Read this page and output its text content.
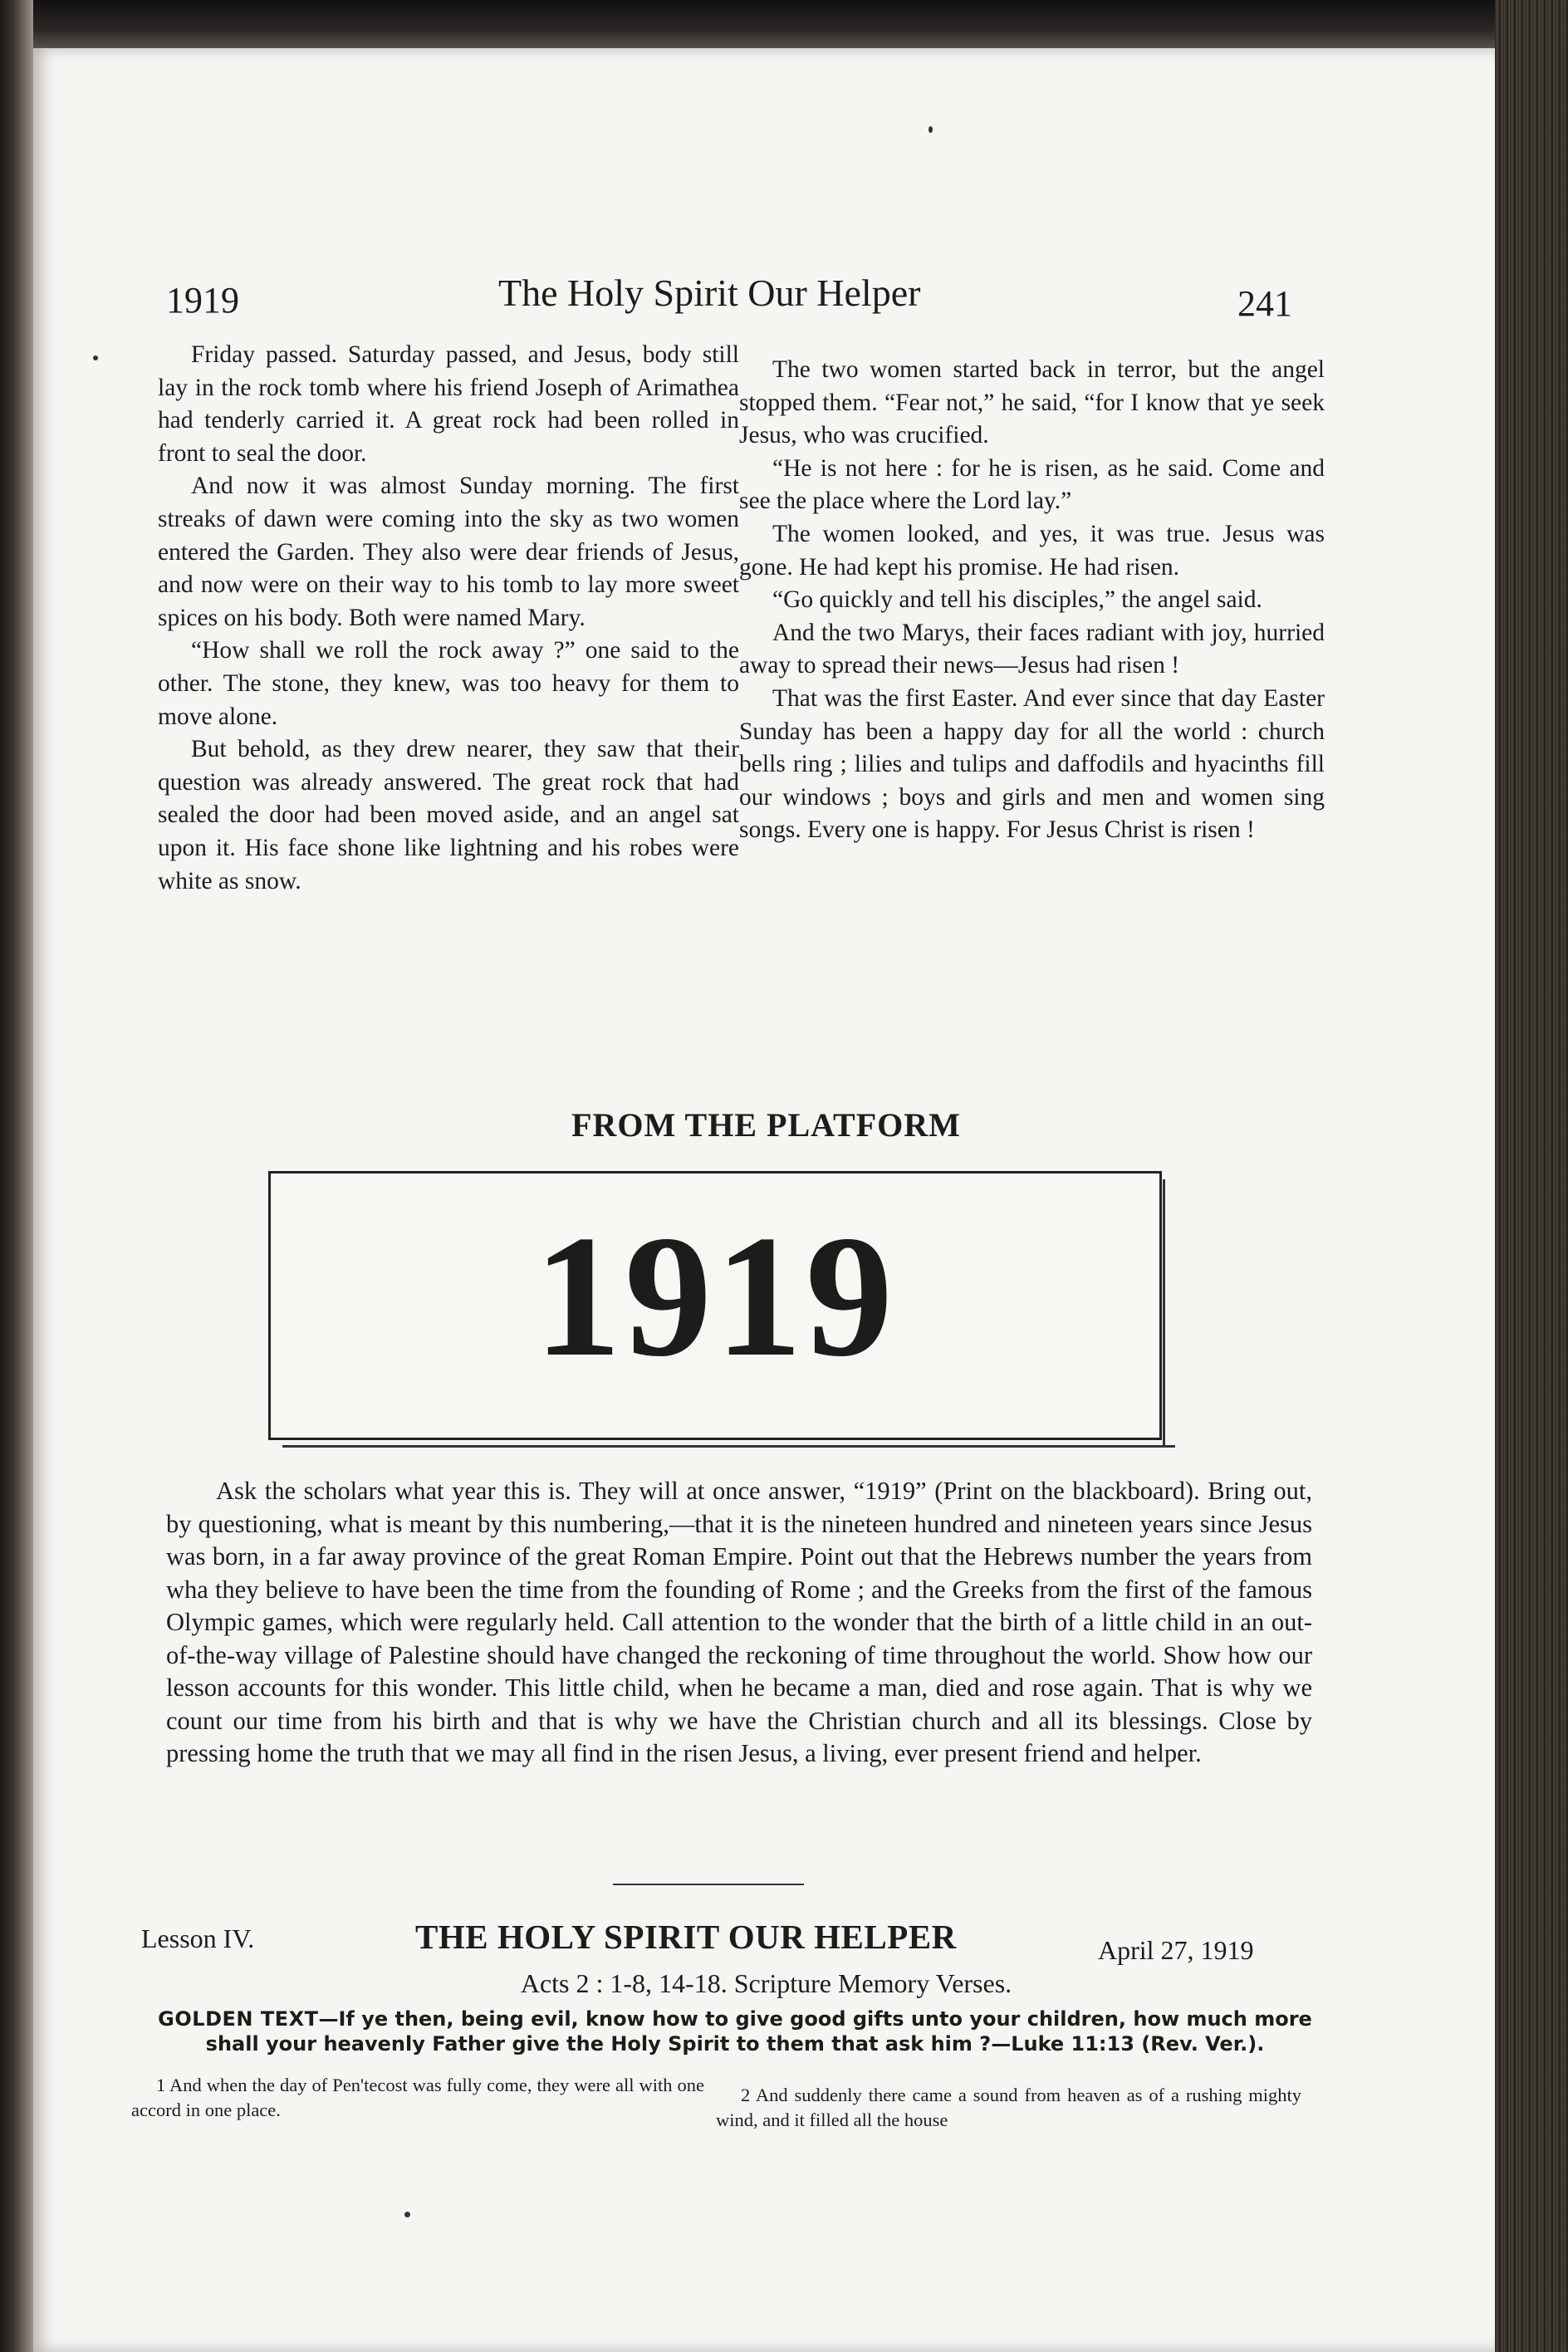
1919	The Holy Spirit Our Helper	241

Friday passed. Saturday passed, and Jesus, body still lay in the rock tomb where his friend Joseph of Arimathea had tenderly carried it. A great rock had been rolled in front to seal the door.

And now it was almost Sunday morning. The first streaks of dawn were coming into the sky as two women entered the Garden. They also were dear friends of Jesus, and now were on their way to his tomb to lay more sweet spices on his body. Both were named Mary.

“How shall we roll the rock away ?” one said to the other. The stone, they knew, was too heavy for them to move alone.

But behold, as they drew nearer, they saw that their question was already answered. The great rock that had sealed the door had been moved aside, and an angel sat upon it. His face shone like lightning and his robes were white as snow.

The two women started back in terror, but the angel stopped them. “Fear not,” he said, “for I know that ye seek Jesus, who was crucified.

“He is not here : for he is risen, as he said. Come and see the place where the Lord lay.”

The women looked, and yes, it was true. Jesus was gone. He had kept his promise. He had risen.

“Go quickly and tell his disciples,” the angel said.

And the two Marys, their faces radiant with joy, hurried away to spread their news—Jesus had risen !

That was the first Easter. And ever since that day Easter Sunday has been a happy day for all the world : church bells ring ; lilies and tulips and daffodils and hyacinths fill our windows ; boys and girls and men and women sing songs. Every one is happy. For Jesus Christ is risen !

FROM THE PLATFORM
1919

Ask the scholars what year this is. They will at once answer, “1919” (Print on the blackboard). Bring out, by questioning, what is meant by this numbering,—that it is the nineteen hundred and nineteen years since Jesus was born, in a far away province of the great Roman Empire. Point out that the Hebrews number the years from wha they believe to have been the time from the founding of Rome ; and the Greeks from the first of the famous Olympic games, which were regularly held. Call attention to the wonder that the birth of a little child in an out-of-the-way village of Palestine should have changed the reckoning of time throughout the world. Show how our lesson accounts for this wonder. This little child, when he became a man, died and rose again. That is why we count our time from his birth and that is why we have the Christian church and all its blessings. Close by pressing home the truth that we may all find in the risen Jesus, a living, ever present friend and helper.

Lesson IV.	THE HOLY SPIRIT OUR HELPER	April 27, 1919
Acts 2 : 1-8, 14-18. Scripture Memory Verses.
GOLDEN TEXT—If ye then, being evil, know how to give good gifts unto your children, how much more shall your heavenly Father give the Holy Spirit to them that ask him ?—Luke 11:13 (Rev. Ver.).

1 And when the day of Pen'tecost was fully come, they were all with one accord in one place.

2 And suddenly there came a sound from heaven as of a rushing mighty wind, and it filled all the house
